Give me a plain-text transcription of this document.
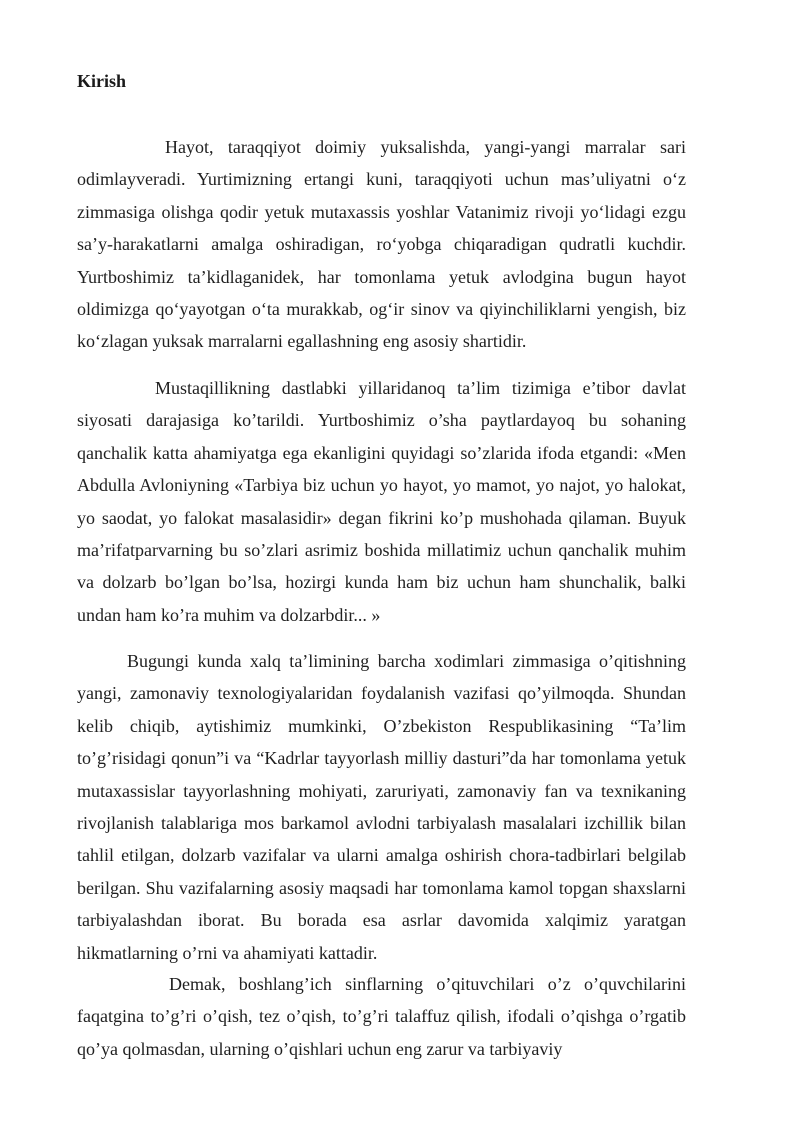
Kirish

Hayot, taraqqiyot doimiy yuksalishda, yangi-yangi marralar sari odimlayveradi. Yurtimizning ertangi kuni, taraqqiyoti uchun mas’uliyatni o‘z zimmasiga olishga qodir yetuk mutaxassis yoshlar Vatanimiz rivoji yo‘lidagi ezgu sa’y-harakatlarni amalga oshiradigan, ro‘yobga chiqaradigan qudratli kuchdir. Yurtboshimiz ta’kidlaganidek, har tomonlama yetuk avlodgina bugun hayot oldimizga qo‘yayotgan o‘ta murakkab, og‘ir sinov va qiyinchiliklarni yengish, biz ko‘zlagan yuksak marralarni egallashning eng asosiy shartidir.

Mustaqillikning dastlabki yillaridanoq ta’lim tizimiga e’tibor davlat siyosati darajasiga ko’tarildi. Yurtboshimiz o’sha paytlardayoq bu sohaning qanchalik katta ahamiyatga ega ekanligini quyidagi so’zlarida ifoda etgandi: «Men Abdulla Avloniyning «Tarbiya biz uchun yo hayot, yo mamot, yo najot, yo halokat, yo saodat, yo falokat masalasidir» degan fikrini ko’p mushohada qilaman. Buyuk ma’rifatparvarning bu so’zlari asrimiz boshida millatimiz uchun qanchalik muhim va dolzarb bo’lgan bo’lsa, hozirgi kunda ham biz uchun ham shunchalik, balki undan ham ko’ra muhim va dolzarbdir... »

Bugungi kunda xalq ta’limining barcha xodimlari zimmasiga o’qitishning yangi, zamonaviy texnologiyalaridan foydalanish vazifasi qo’yilmoqda. Shundan kelib chiqib, aytishimiz mumkinki, O’zbekiston Respublikasining “Ta’lim to’g’risidagi qonun”i va “Kadrlar tayyorlash milliy dasturi”da har tomonlama yetuk mutaxassislar tayyorlashning mohiyati, zaruriyati, zamonaviy fan va texnikaning rivojlanish talablariga mos barkamol avlodni tarbiyalash masalalari izchillik bilan tahlil etilgan, dolzarb vazifalar va ularni amalga oshirish chora-tadbirlari belgilab berilgan. Shu vazifalarning asosiy maqsadi har tomonlama kamol topgan shaxslarni tarbiyalashdan iborat. Bu borada esa asrlar davomida xalqimiz yaratgan hikmatlarning o’rni va ahamiyati kattadir.

Demak, boshlang’ich sinflarning o’qituvchilari o’z o’quvchilarini faqatgina to’g’ri o’qish, tez o’qish, to’g’ri talaffuz qilish, ifodali o’qishga o’rgatib qo’ya qolmasdan, ularning o’qishlari uchun eng zarur va tarbiyaviy
